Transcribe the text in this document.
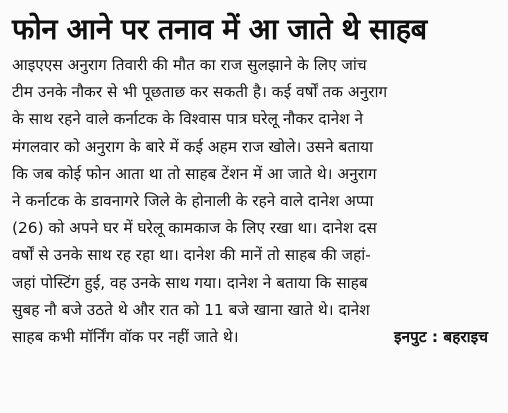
फोन आने पर तनाव में आ जाते थे साहब
आइएएस अनुराग तिवारी की मौत का राज सुलझाने के लिए जांच
टीम उनके नौकर से भी पूछताछ कर सकती है। कई वर्षों तक अनुराग
के साथ रहने वाले कर्नाटक के विश्वास पात्र घरेलू नौकर दानेश ने
मंगलवार को अनुराग के बारे में कई अहम राज खोले। उसने बताया
कि जब कोई फोन आता था तो साहब टेंशन में आ जाते थे। अनुराग
ने कर्नाटक के डावनागरे जिले के होनाली के रहने वाले दानेश अप्पा
(26) को अपने घर में घरेलू कामकाज के लिए रखा था। दानेश दस
वर्षों से उनके साथ रह रहा था। दानेश की मानें तो साहब की जहां-
जहां पोस्टिंग हुई, वह उनके साथ गया। दानेश ने बताया कि साहब
सुबह नौ बजे उठते थे और रात को 11 बजे खाना खाते थे। दानेश
साहब कभी मॉर्निंग वॉक पर नहीं जाते थे।	इनपुट : बहराइच
